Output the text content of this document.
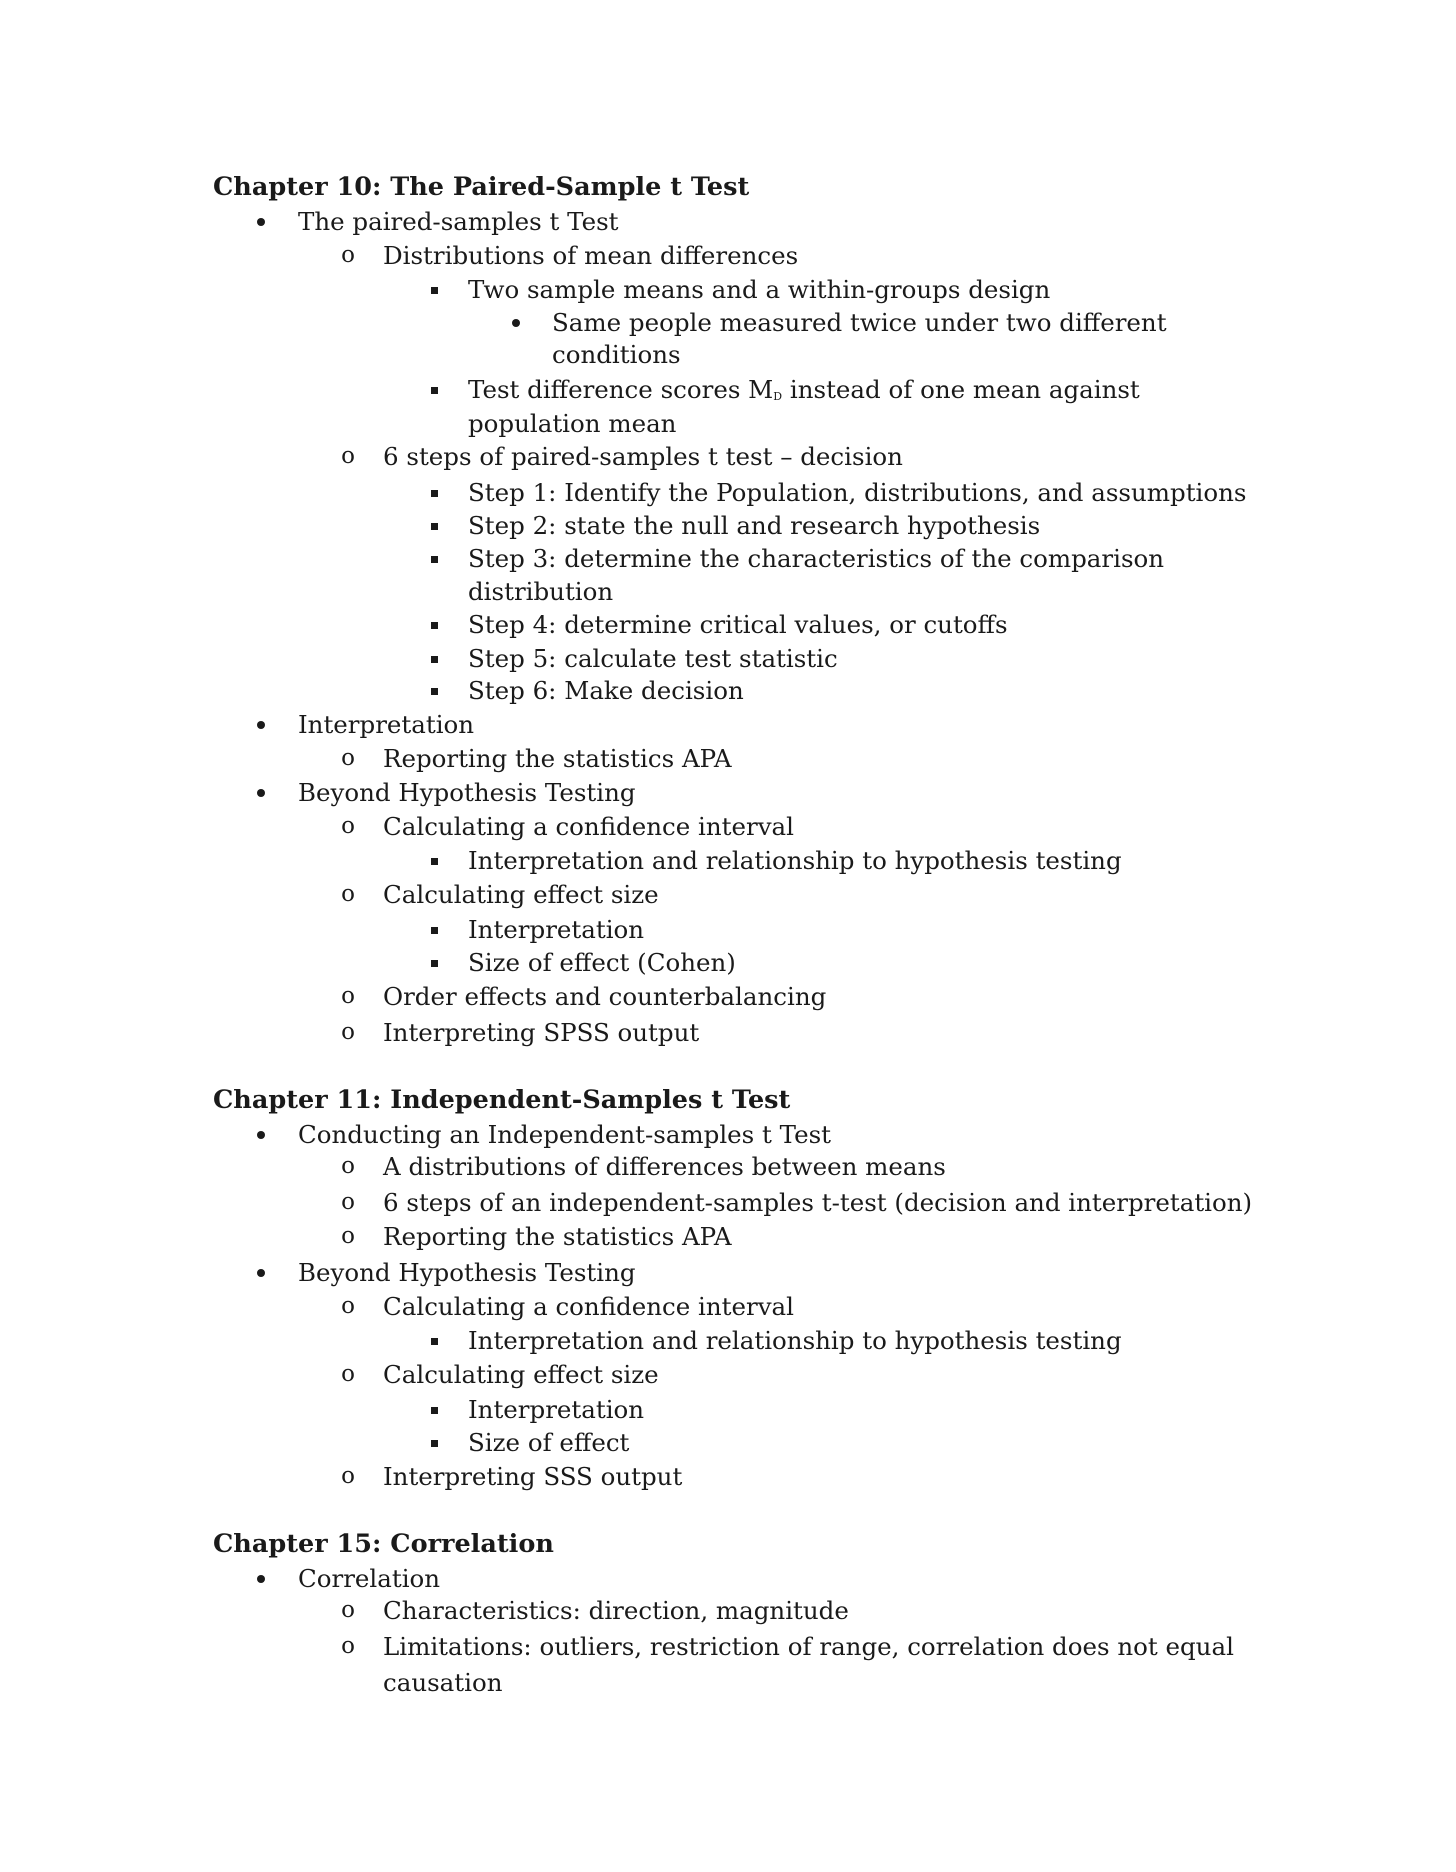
Chapter 10: The Paired-Sample t Test
The paired-samples t Test
o Distributions of mean differences
Two sample means and a within-groups design
Same people measured twice under two different
conditions
Test difference scores $M_D$ instead of one mean against
population mean
o 6 steps of paired-samples t test – decision
Step 1: Identify the Population, distributions, and assumptions
Step 2: state the null and research hypothesis
Step 3: determine the characteristics of the comparison
distribution
Step 4: determine critical values, or cutoffs
Step 5: calculate test statistic
Step 6: Make decision
Interpretation
o Reporting the statistics APA
Beyond Hypothesis Testing
o Calculating a confidence interval
Interpretation and relationship to hypothesis testing
o Calculating effect size
Interpretation
Size of effect (Cohen)
o Order effects and counterbalancing
o Interpreting SPSS output
Chapter 11: Independent-Samples t Test
Conducting an Independent-samples t Test
o A distributions of differences between means
o 6 steps of an independent-samples t-test (decision and interpretation)
o Reporting the statistics APA
Beyond Hypothesis Testing
o Calculating a confidence interval
Interpretation and relationship to hypothesis testing
o Calculating effect size
Interpretation
Size of effect
o Interpreting SSS output
Chapter 15: Correlation
Correlation
o Characteristics: direction, magnitude
o Limitations: outliers, restriction of range, correlation does not equal
causation
